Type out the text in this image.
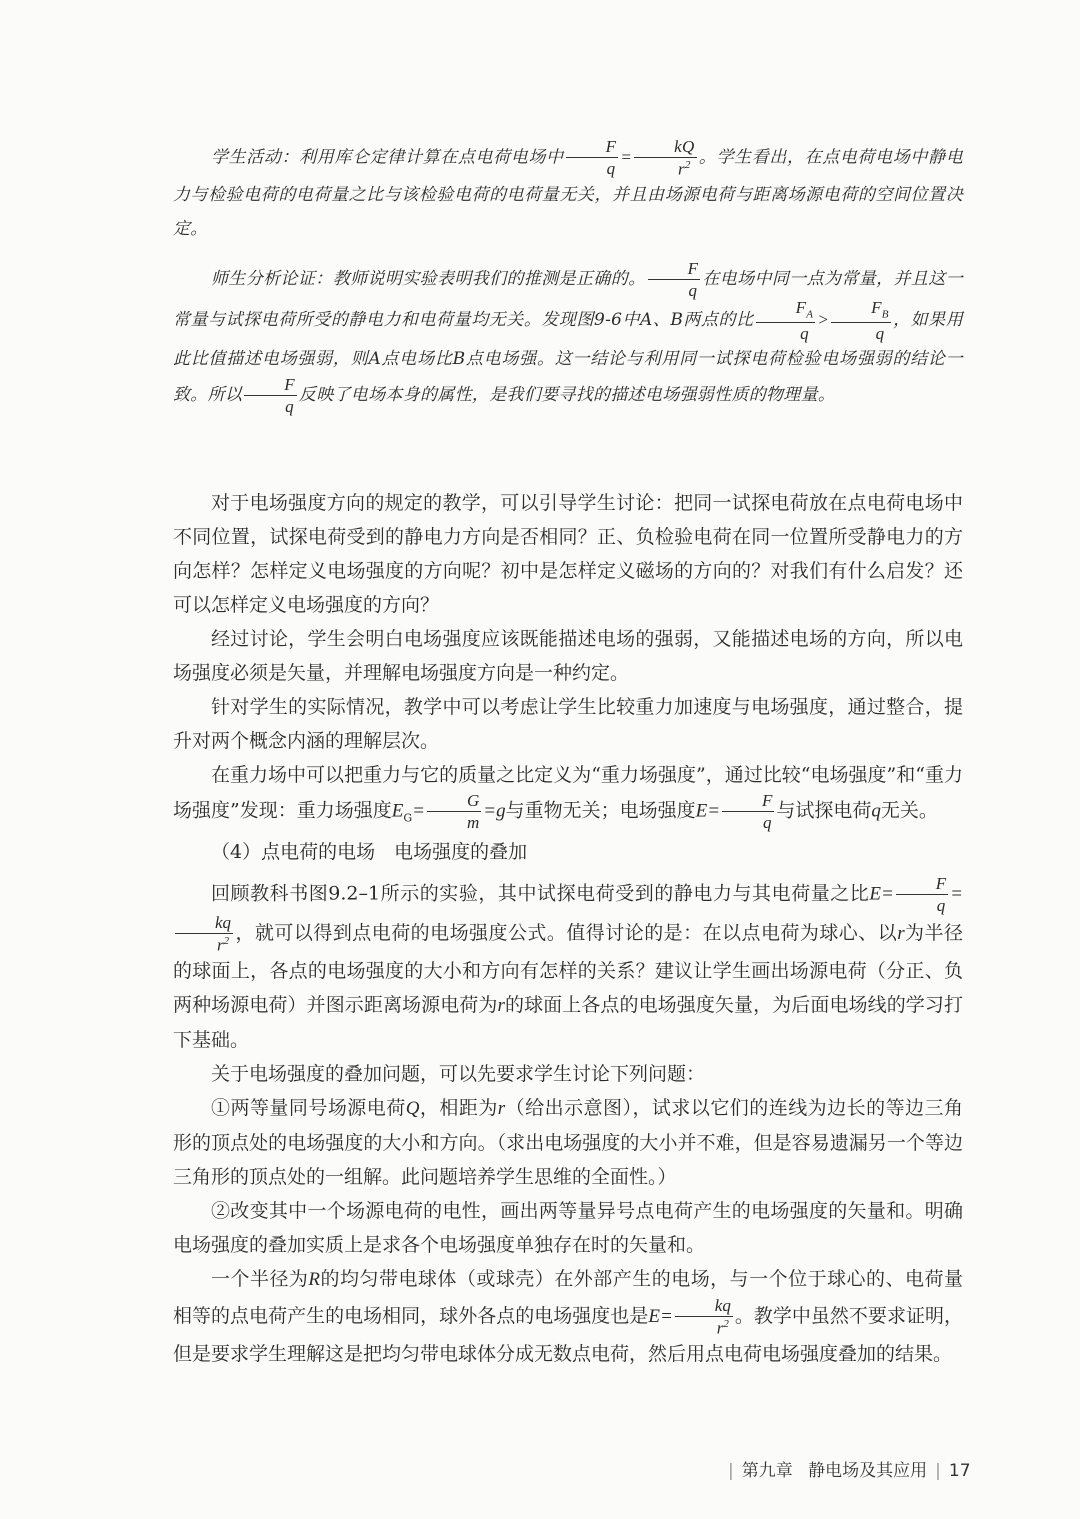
学生活动：利用库仑定律计算在点电荷电场中 $\frac{F}{q} = \frac{kQ}{r^2}$ 。学生看出，在点电荷电场中静电力与检验电荷的电荷量之比与该检验电荷的电荷量无关，并且由场源电荷与距离场源电荷的空间位置决定。

师生分析论证：教师说明实验表明我们的推测是正确的。 $\frac{F}{q}$ 在电场中同一点为常量，并且这一常量与试探电荷所受的静电力和电荷量均无关。发现图9-6中A、B两点的比 $\frac{F_A}{q} > \frac{F_B}{q}$ ，如果用此比值描述电场强弱，则A点电场比B点电场强。这一结论与利用同一试探电荷检验电场强弱的结论一致。所以 $\frac{F}{q}$ 反映了电场本身的属性，是我们要寻找的描述电场强弱性质的物理量。

对于电场强度方向的规定的教学，可以引导学生讨论：把同一试探电荷放在点电荷电场中不同位置，试探电荷受到的静电力方向是否相同？正、负检验电荷在同一位置所受静电力的方向怎样？怎样定义电场强度的方向呢？初中是怎样定义磁场的方向的？对我们有什么启发？还可以怎样定义电场强度的方向？

经过讨论，学生会明白电场强度应该既能描述电场的强弱，又能描述电场的方向，所以电场强度必须是矢量，并理解电场强度方向是一种约定。

针对学生的实际情况，教学中可以考虑让学生比较重力加速度与电场强度，通过整合，提升对两个概念内涵的理解层次。

在重力场中可以把重力与它的质量之比定义为“重力场强度”，通过比较“电场强度”和“重力场强度”发现：重力场强度$E_G= \frac{G}{m} =g$与重物无关；电场强度$E= \frac{F}{q}$ 与试探电荷q无关。

（4）点电荷的电场　电场强度的叠加

回顾教科书图9.2–1所示的实验，其中试探电荷受到的静电力与其电荷量之比$E= \frac{F}{q}$ =
$\frac{kq}{r^2}$ ，就可以得到点电荷的电场强度公式。值得讨论的是：在以点电荷为球心、以r为半径的球面上，各点的电场强度的大小和方向有怎样的关系？建议让学生画出场源电荷（分正、负两种场源电荷）并图示距离场源电荷为r的球面上各点的电场强度矢量，为后面电场线的学习打下基础。

关于电场强度的叠加问题，可以先要求学生讨论下列问题：

①两等量同号场源电荷Q，相距为r（给出示意图），试求以它们的连线为边长的等边三角形的顶点处的电场强度的大小和方向。（求出电场强度的大小并不难，但是容易遗漏另一个等边三角形的顶点处的一组解。此问题培养学生思维的全面性。）

②改变其中一个场源电荷的电性，画出两等量异号点电荷产生的电场强度的矢量和。明确电场强度的叠加实质上是求各个电场强度单独存在时的矢量和。

一个半径为R的均匀带电球体（或球壳）在外部产生的电场，与一个位于球心的、电荷量相等的点电荷产生的电场相同，球外各点的电场强度也是$E= \frac{kq}{r^2}$ 。教学中虽然不要求证明，但是要求学生理解这是把均匀带电球体分成无数点电荷，然后用点电荷电场强度叠加的结果。

| 第九章 静电场及其应用 | 17
